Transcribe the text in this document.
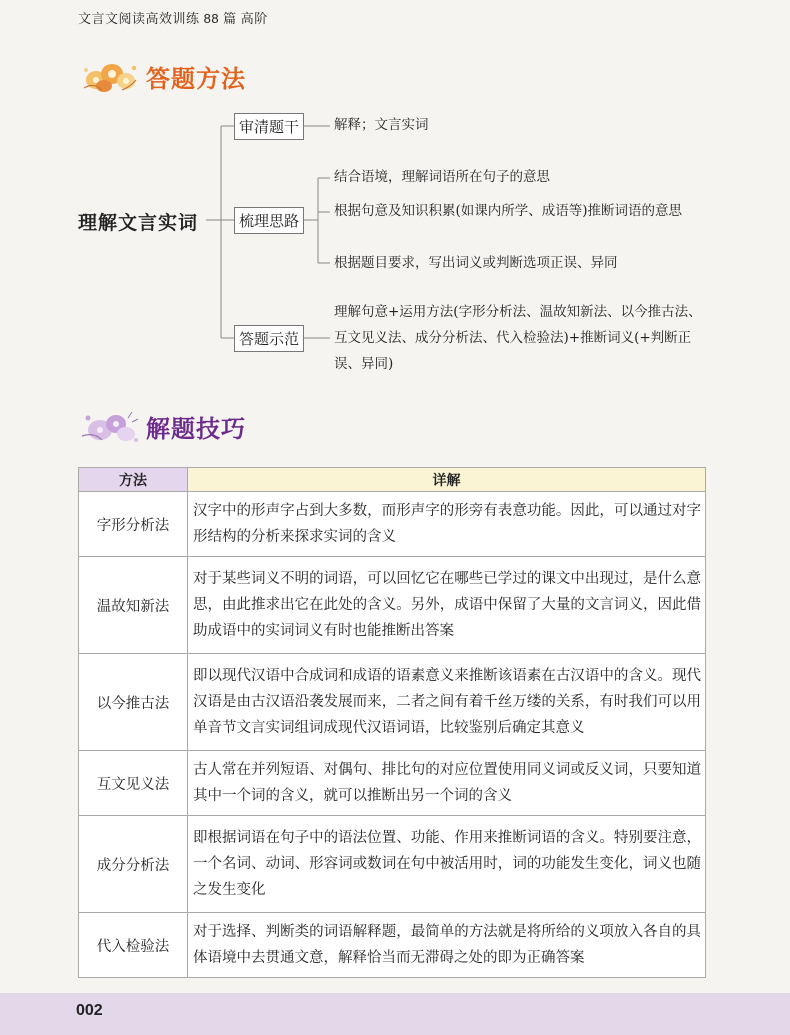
文言文阅读高效训练 88 篇 高阶
答题方法
理解文言实词
审清题干
梳理思路
答题示范
解释；文言实词
结合语境，理解词语所在句子的意思
根据句意及知识积累(如课内所学、成语等)推断词语的意思
根据题目要求，写出词义或判断选项正误、异同
理解句意+运用方法(字形分析法、温故知新法、以今推古法、互文见义法、成分分析法、代入检验法)+推断词义(+判断正误、异同)
解题技巧
方法	详解
字形分析法	汉字中的形声字占到大多数，而形声字的形旁有表意功能。因此，可以通过对字形结构的分析来探求实词的含义
温故知新法	对于某些词义不明的词语，可以回忆它在哪些已学过的课文中出现过，是什么意思，由此推求出它在此处的含义。另外，成语中保留了大量的文言词义，因此借助成语中的实词词义有时也能推断出答案
以今推古法	即以现代汉语中合成词和成语的语素意义来推断该语素在古汉语中的含义。现代汉语是由古汉语沿袭发展而来，二者之间有着千丝万缕的关系，有时我们可以用单音节文言实词组词成现代汉语词语，比较鉴别后确定其意义
互文见义法	古人常在并列短语、对偶句、排比句的对应位置使用同义词或反义词，只要知道其中一个词的含义，就可以推断出另一个词的含义
成分分析法	即根据词语在句子中的语法位置、功能、作用来推断词语的含义。特别要注意，一个名词、动词、形容词或数词在句中被活用时，词的功能发生变化，词义也随之发生变化
代入检验法	对于选择、判断类的词语解释题，最简单的方法就是将所给的义项放入各自的具体语境中去贯通文意，解释恰当而无滞碍之处的即为正确答案
002
